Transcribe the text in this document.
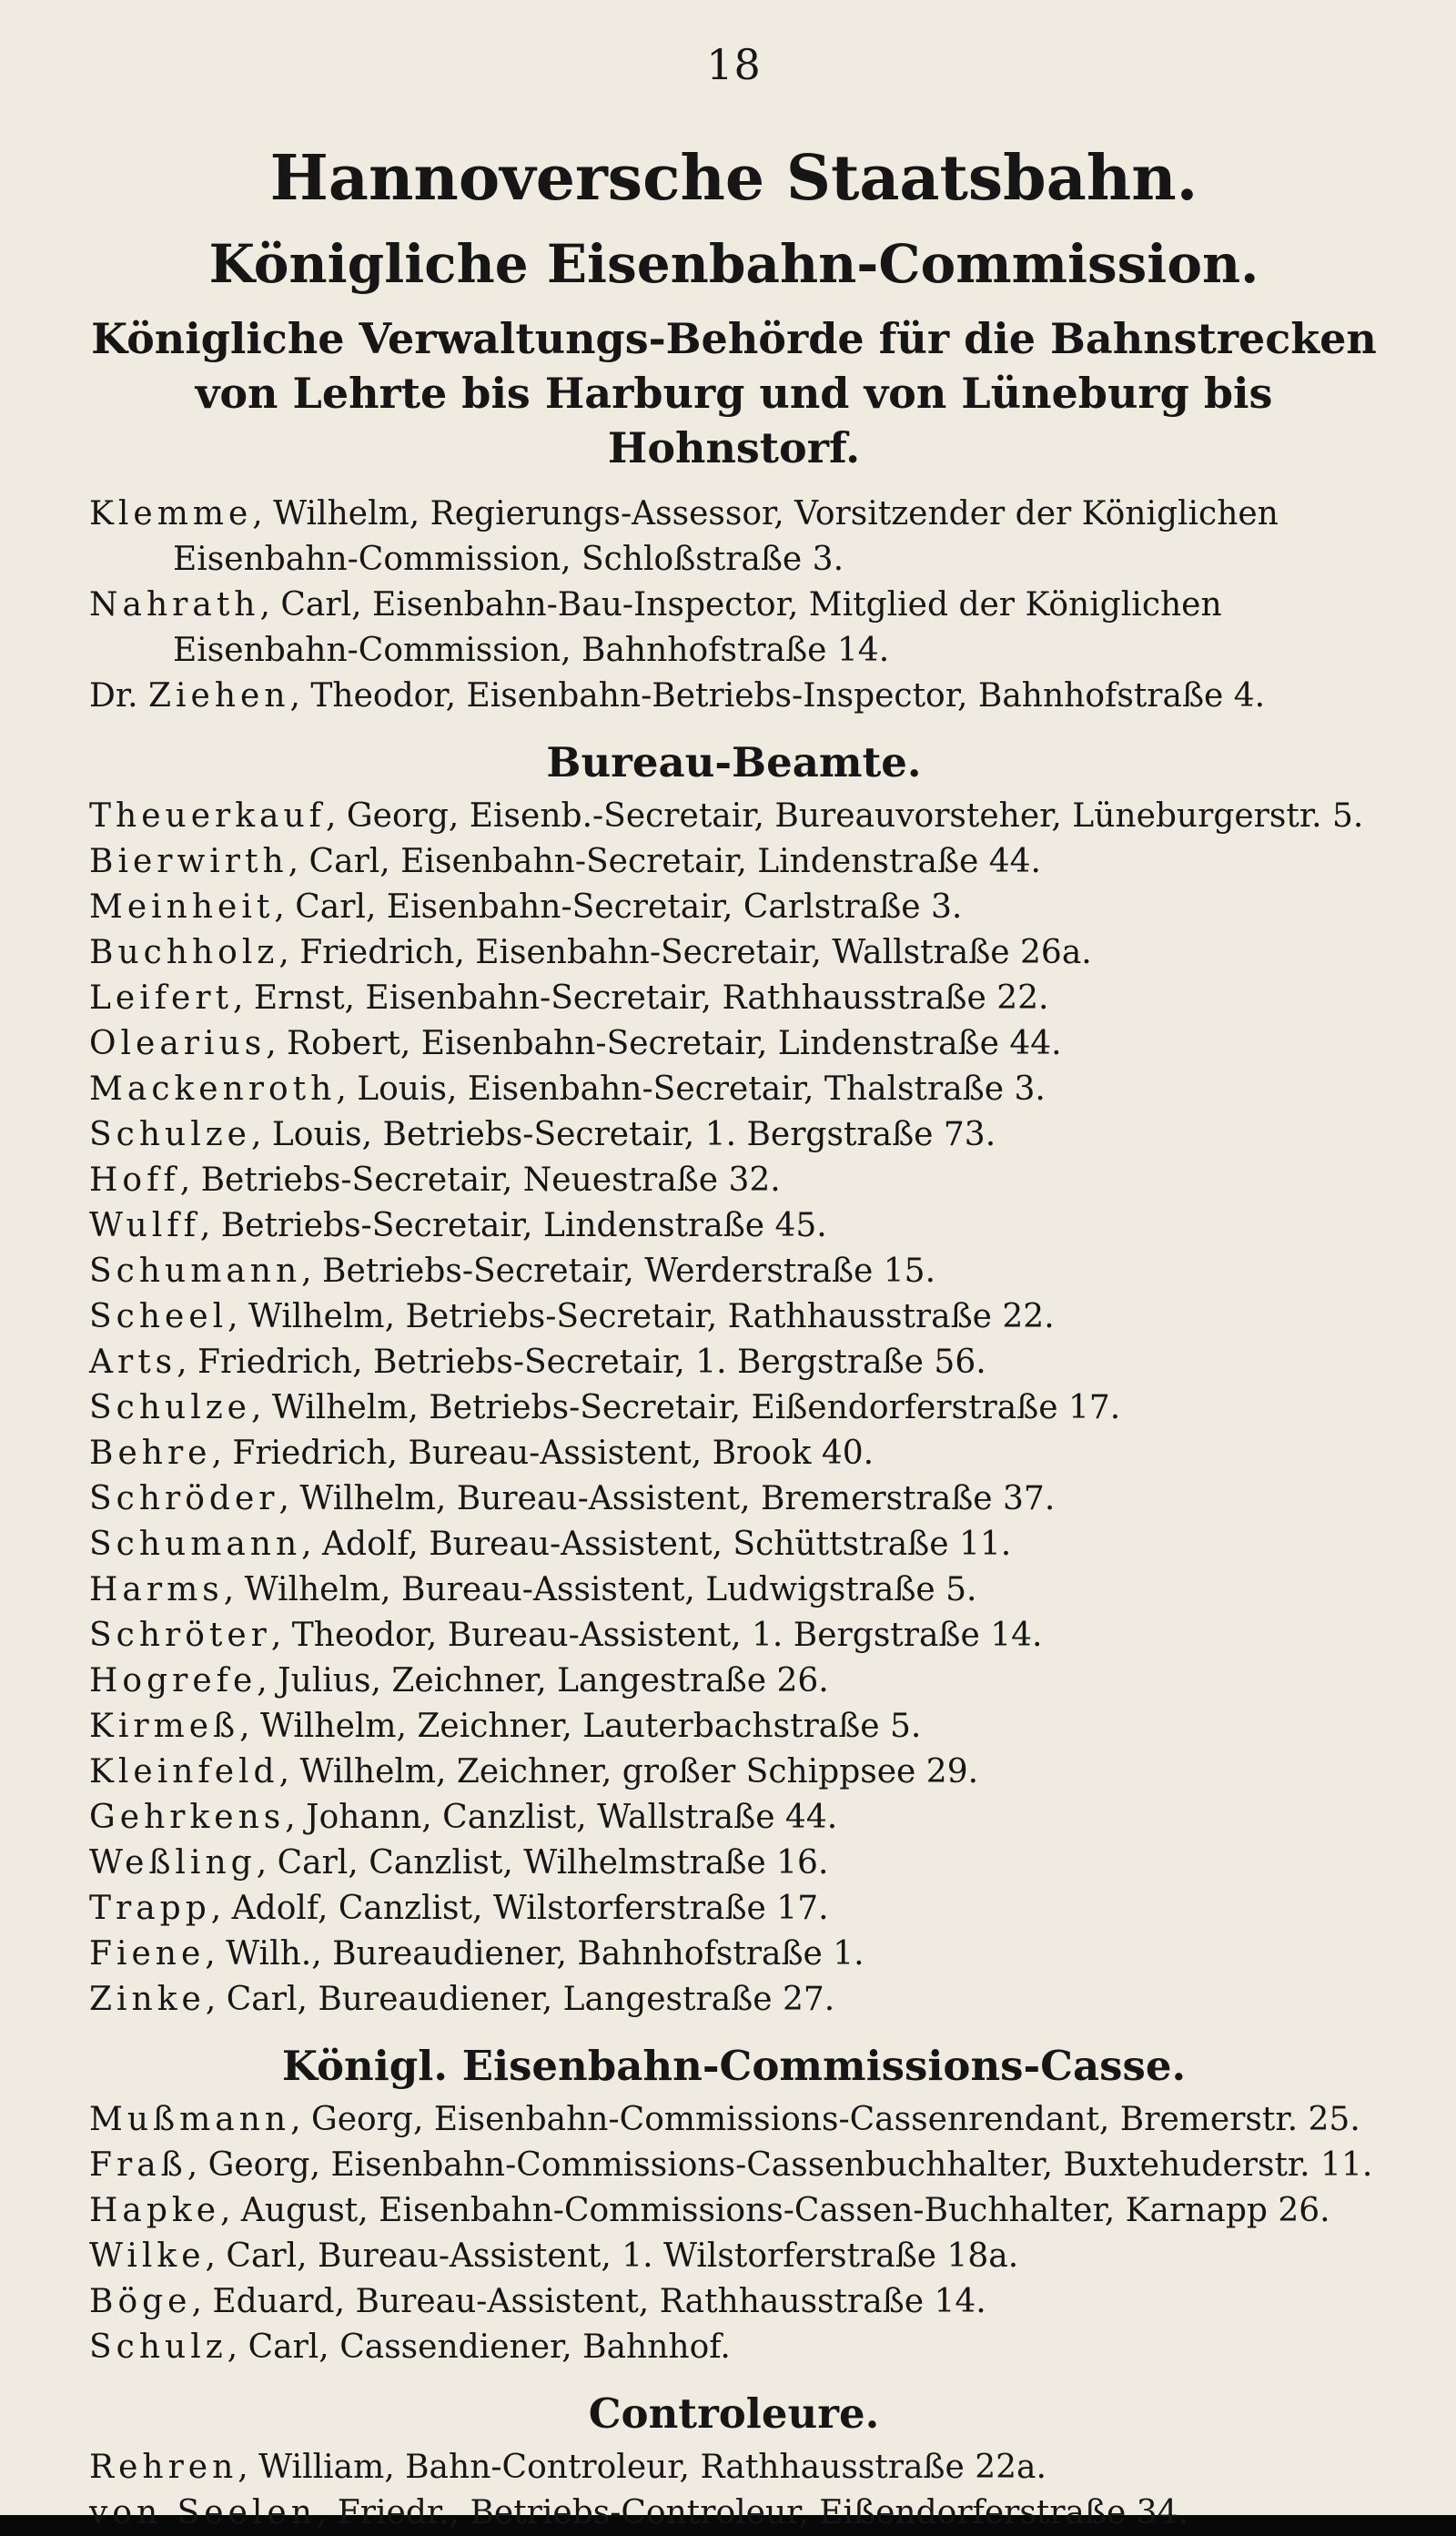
18
Hannoversche Staatsbahn.
Königliche Eisenbahn-Commission.
Königliche Verwaltungs-Behörde für die Bahnstrecken von Lehrte bis Harburg und von Lüneburg bis Hohnstorf.
Klemme, Wilhelm, Regierungs-Assessor, Vorsitzender der Königlichen Eisenbahn-Commission, Schloßstraße 3.
Nahrath, Carl, Eisenbahn-Bau-Inspector, Mitglied der Königlichen Eisenbahn-Commission, Bahnhofstraße 14.
Dr. Ziehen, Theodor, Eisenbahn-Betriebs-Inspector, Bahnhofstraße 4.
Bureau-Beamte.
Theuerkauf, Georg, Eisenb.-Secretair, Bureauvorsteher, Lüneburgerstr. 5.
Bierwirth, Carl, Eisenbahn-Secretair, Lindenstraße 44.
Meinheit, Carl, Eisenbahn-Secretair, Carlstraße 3.
Buchholz, Friedrich, Eisenbahn-Secretair, Wallstraße 26a.
Leifert, Ernst, Eisenbahn-Secretair, Rathhausstraße 22.
Olearius, Robert, Eisenbahn-Secretair, Lindenstraße 44.
Mackenroth, Louis, Eisenbahn-Secretair, Thalstraße 3.
Schulze, Louis, Betriebs-Secretair, 1. Bergstraße 73.
Hoff, Betriebs-Secretair, Neuestraße 32.
Wulff, Betriebs-Secretair, Lindenstraße 45.
Schumann, Betriebs-Secretair, Werderstraße 15.
Scheel, Wilhelm, Betriebs-Secretair, Rathhausstraße 22.
Arts, Friedrich, Betriebs-Secretair, 1. Bergstraße 56.
Schulze, Wilhelm, Betriebs-Secretair, Eißendorferstraße 17.
Behre, Friedrich, Bureau-Assistent, Brook 40.
Schröder, Wilhelm, Bureau-Assistent, Bremerstraße 37.
Schumann, Adolf, Bureau-Assistent, Schüttstraße 11.
Harms, Wilhelm, Bureau-Assistent, Ludwigstraße 5.
Schröter, Theodor, Bureau-Assistent, 1. Bergstraße 14.
Hogrefe, Julius, Zeichner, Langestraße 26.
Kirmeß, Wilhelm, Zeichner, Lauterbachstraße 5.
Kleinfeld, Wilhelm, Zeichner, großer Schippsee 29.
Gehrkens, Johann, Canzlist, Wallstraße 44.
Weßling, Carl, Canzlist, Wilhelmstraße 16.
Trapp, Adolf, Canzlist, Wilstorferstraße 17.
Fiene, Wilh., Bureaudiener, Bahnhofstraße 1.
Zinke, Carl, Bureaudiener, Langestraße 27.
Königl. Eisenbahn-Commissions-Casse.
Mußmann, Georg, Eisenbahn-Commissions-Cassenrendant, Bremerstr. 25.
Fraß, Georg, Eisenbahn-Commissions-Cassenbuchhalter, Buxtehuderstr. 11.
Hapke, August, Eisenbahn-Commissions-Cassen-Buchhalter, Karnapp 26.
Wilke, Carl, Bureau-Assistent, 1. Wilstorferstraße 18a.
Böge, Eduard, Bureau-Assistent, Rathhausstraße 14.
Schulz, Carl, Cassendiener, Bahnhof.
Controleure.
Rehren, William, Bahn-Controleur, Rathhausstraße 22a.
von Seelen, Friedr., Betriebs-Controleur, Eißendorferstraße 34.
